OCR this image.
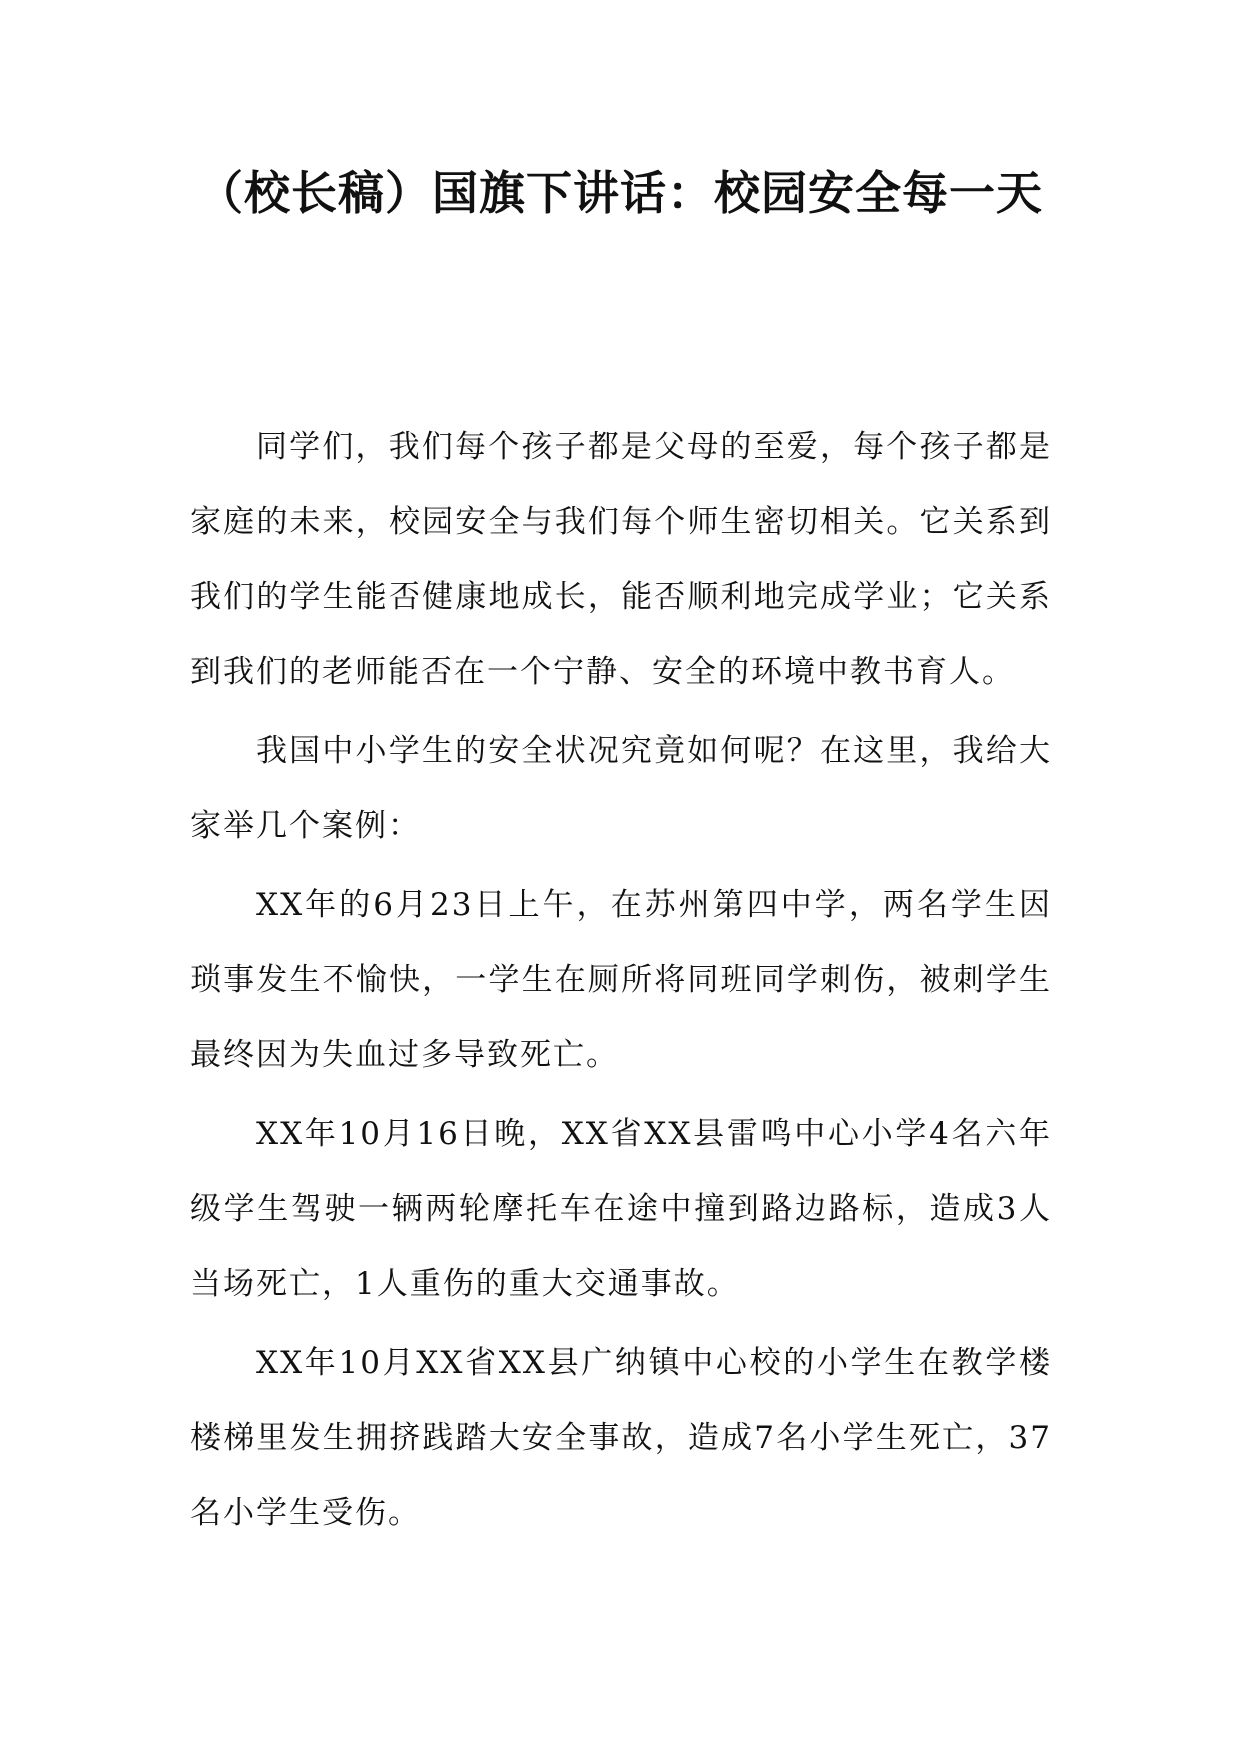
（校长稿）国旗下讲话：校园安全每一天

同学们，我们每个孩子都是父母的至爱，每个孩子都是家庭的未来，校园安全与我们每个师生密切相关。它关系到我们的学生能否健康地成长，能否顺利地完成学业；它关系到我们的老师能否在一个宁静、安全的环境中教书育人。

我国中小学生的安全状况究竟如何呢？在这里，我给大家举几个案例：

XX年的6月23日上午，在苏州第四中学，两名学生因琐事发生不愉快，一学生在厕所将同班同学刺伤，被刺学生最终因为失血过多导致死亡。

XX年10月16日晚，XX省XX县雷鸣中心小学4名六年级学生驾驶一辆两轮摩托车在途中撞到路边路标，造成3人当场死亡，1人重伤的重大交通事故。

XX年10月XX省XX县广纳镇中心校的小学生在教学楼楼梯里发生拥挤践踏大安全事故，造成7名小学生死亡，37名小学生受伤。
